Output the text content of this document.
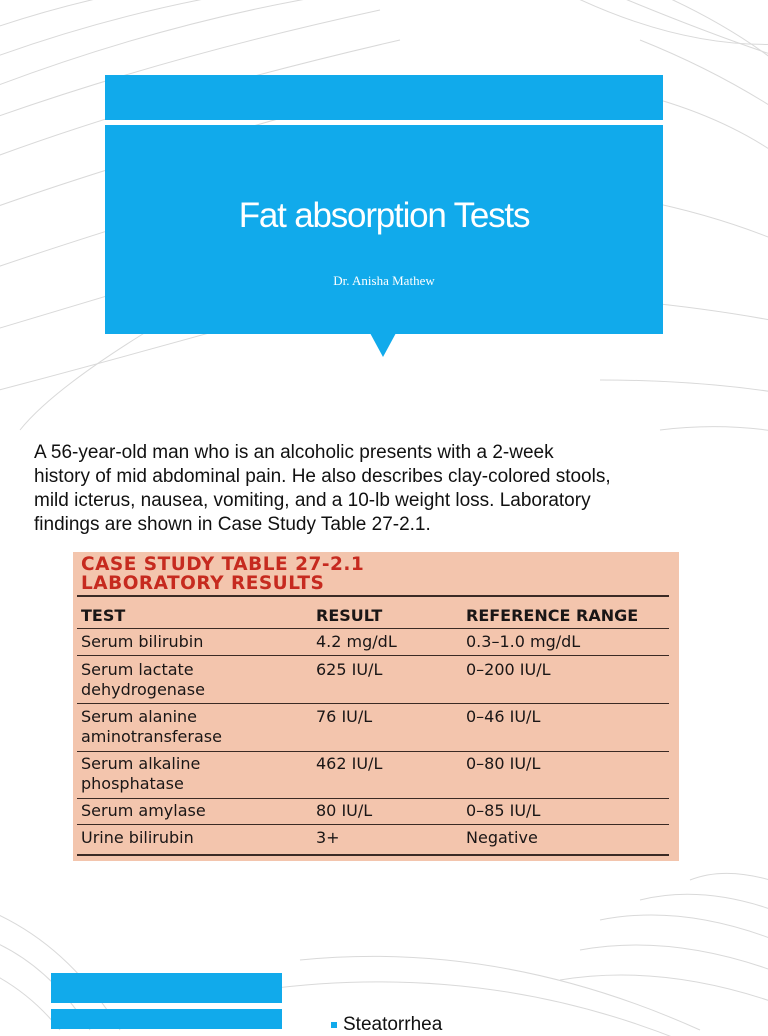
Fat absorption Tests
Dr. Anisha Mathew
A 56-year-old man who is an alcoholic presents with a 2-week
history of mid abdominal pain. He also describes clay-colored stools,
mild icterus, nausea, vomiting, and a 10-lb weight loss. Laboratory
findings are shown in Case Study Table 27-2.1.
CASE STUDY TABLE 27-2.1
LABORATORY RESULTS
TEST	RESULT	REFERENCE RANGE
Serum bilirubin	4.2 mg/dL	0.3–1.0 mg/dL
Serum lactate
dehydrogenase
625 IU/L	0–200 IU/L
Serum alanine
aminotransferase
76 IU/L	0–46 IU/L
Serum alkaline
phosphatase
462 IU/L	0–80 IU/L
Serum amylase	80 IU/L	0–85 IU/L
Urine bilirubin	3+	Negative
Steatorrhea
